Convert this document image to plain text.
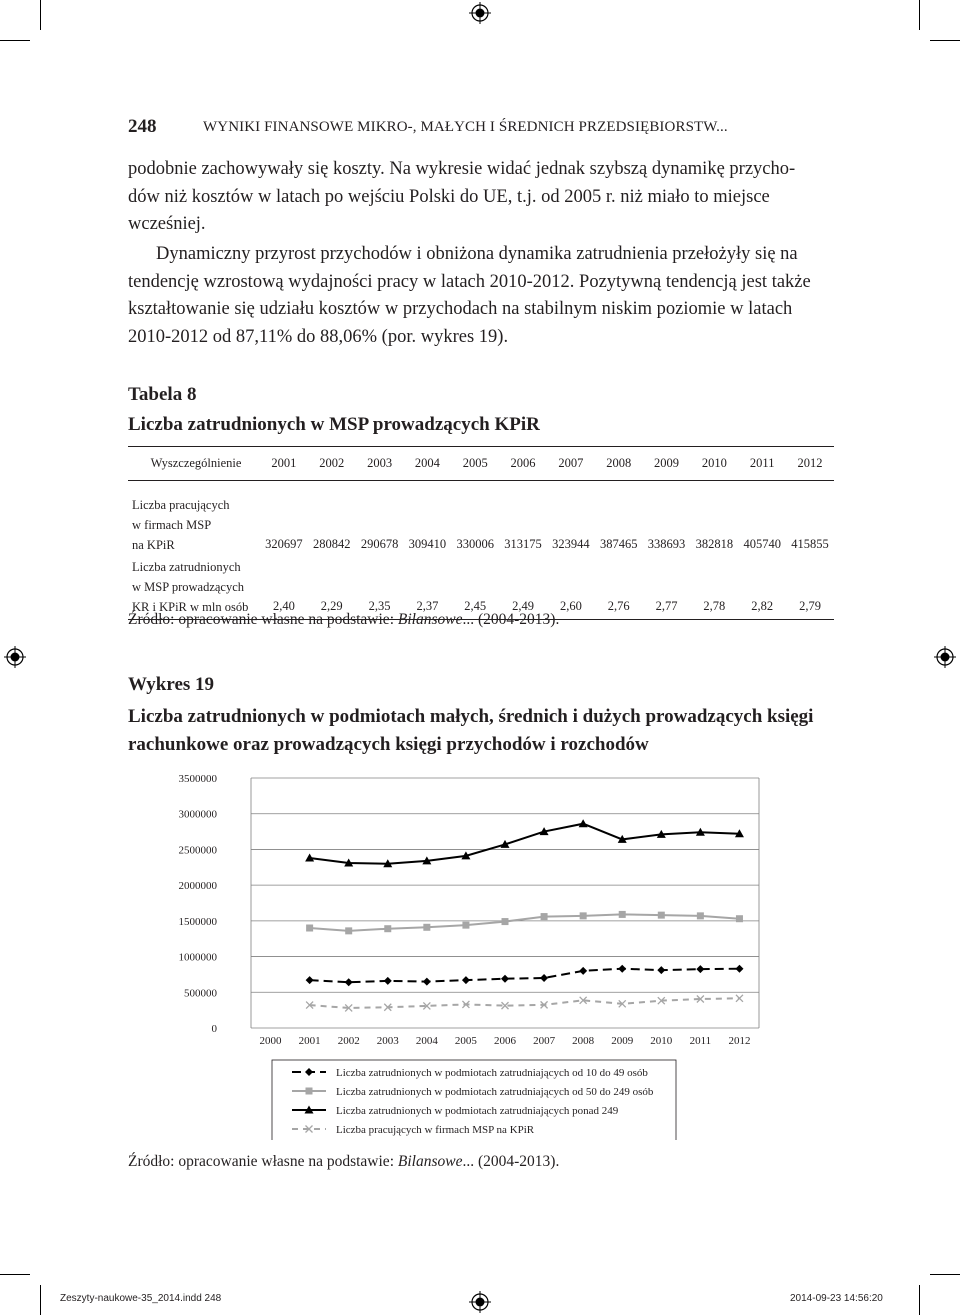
248	WYNIKI FINANSOWE MIKRO-, MAŁYCH I ŚREDNICH PRZEDSIĘBIORSTW...
podobnie zachowywały się koszty. Na wykresie widać jednak szybszą dynamikę przycho-
dów niż kosztów w latach po wejściu Polski do UE, t.j. od 2005 r. niż miało to miejsce
wcześniej.
Dynamiczny przyrost przychodów i obniżona dynamika zatrudnienia przełożyły się na
tendencję wzrostową wydajności pracy w latach 2010-2012. Pozytywną tendencją jest także
kształtowanie się udziału kosztów w przychodach na stabilnym niskim poziomie w latach
2010-2012 od 87,11% do 88,06% (por. wykres 19).
Tabela 8
Liczba zatrudnionych w MSP prowadzących KPiR
Wyszczególnienie	2001	2002	2003	2004	2005	2006	2007	2008	2009	2010	2011	2012

Liczba pracujących
w firmach MSP
na KPiR	320697	280842	290678	309410	330006	313175	323944	387465	338693	382818	405740	415855

Liczba zatrudnionych
w MSP prowadzących
KR i KPiR w mln osób	2,40	2,29	2,35	2,37	2,45	2,49	2,60	2,76	2,77	2,78	2,82	2,79
Źródło: opracowanie własne na podstawie: Bilansowe... (2004-2013).
Wykres 19
Liczba zatrudnionych w podmiotach małych, średnich i dużych prowadzących księgi
rachunkowe oraz prowadzących księgi przychodów i rozchodów
0
500000
1000000
1500000
2000000
2500000
3000000
3500000
2000 2001 2002 2003 2004 2005 2006 2007 2008 2009 2010 2011 2012
Liczba zatrudnionych w podmiotach zatrudniających od 10 do 49 osób
Liczba zatrudnionych w podmiotach zatrudniających od 50 do 249 osób
Liczba zatrudnionych w podmiotach zatrudniających ponad 249
Liczba pracujących w firmach MSP na KPiR
Źródło: opracowanie własne na podstawie: Bilansowe... (2004-2013).
Zeszyty-naukowe-35_2014.indd 248	2014-09-23 14:56:20
